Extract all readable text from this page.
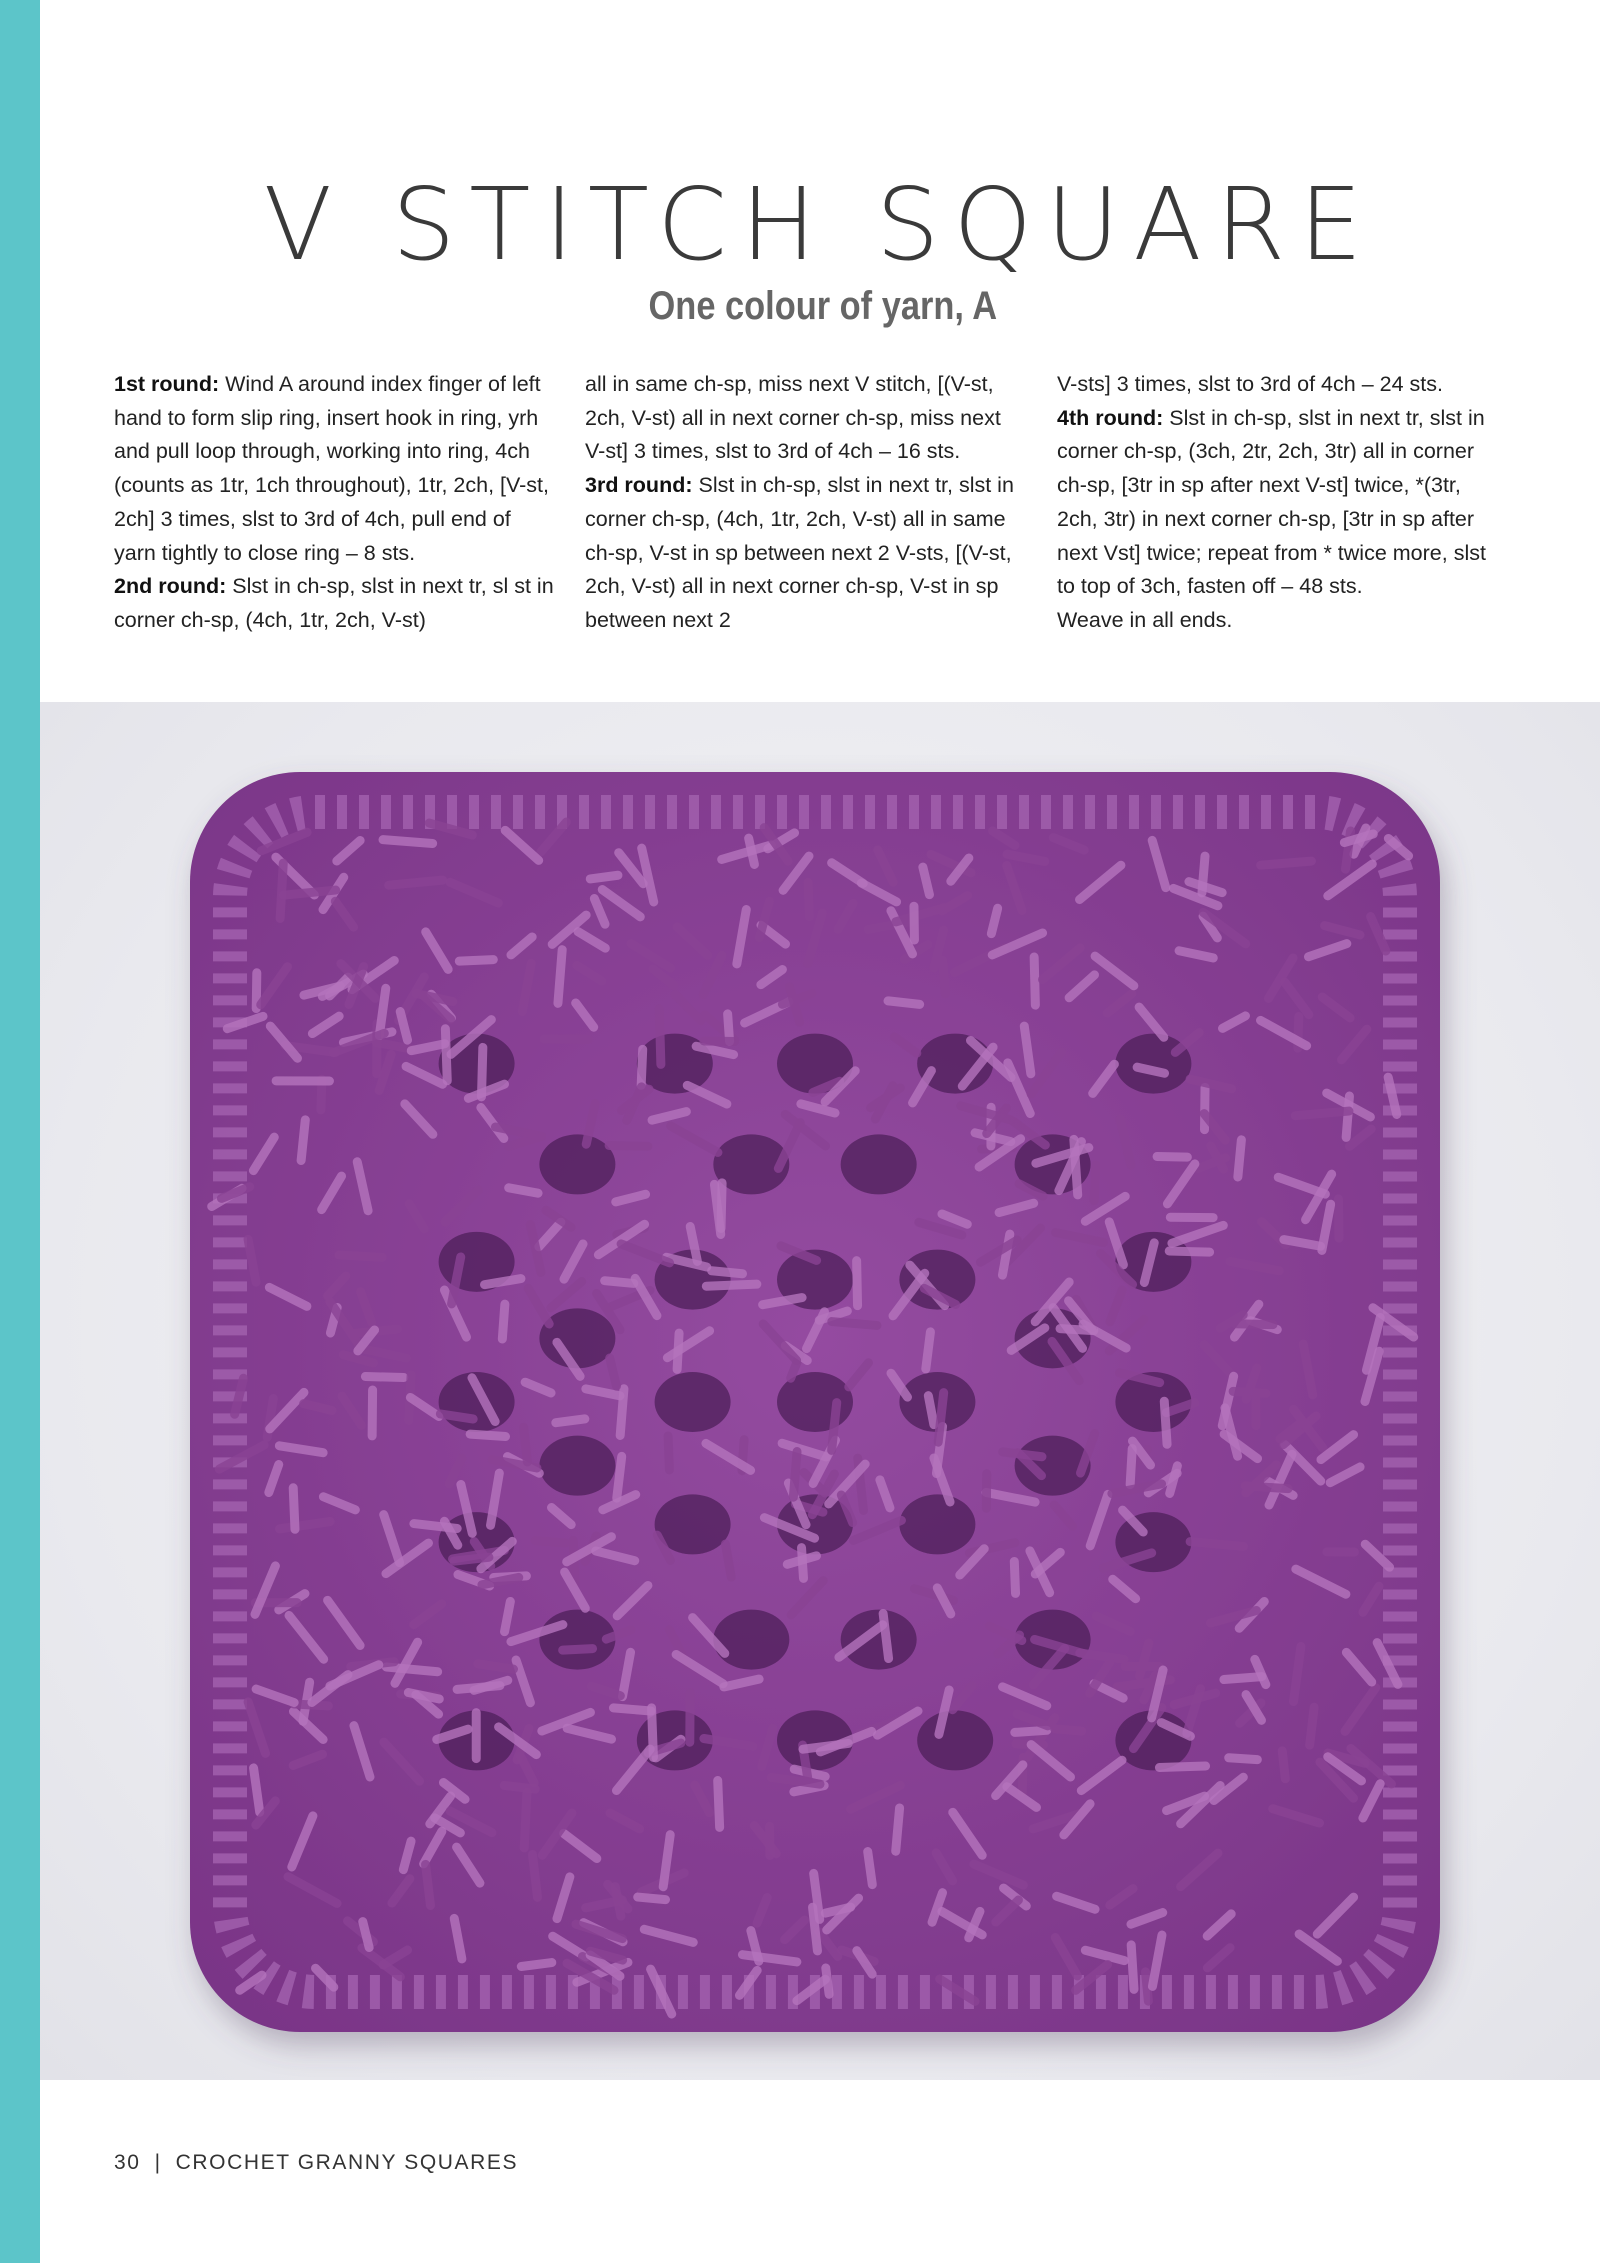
V STITCH SQUARE
One colour of yarn, A

1st round: Wind A around index finger of left hand to form slip ring, insert hook in ring, yrh and pull loop through, working into ring, 4ch (counts as 1tr, 1ch throughout), 1tr, 2ch, [V-st, 2ch] 3 times, slst to 3rd of 4ch, pull end of yarn tightly to close ring – 8 sts.

2nd round: Slst in ch-sp, slst in next tr, sl st in corner ch-sp, (4ch, 1tr, 2ch, V-st)

all in same ch-sp, miss next V stitch, [(V-st, 2ch, V-st) all in next corner ch-sp, miss next V-st] 3 times, slst to 3rd of 4ch – 16 sts.

3rd round: Slst in ch-sp, slst in next tr, slst in corner ch-sp, (4ch, 1tr, 2ch, V-st) all in same ch-sp, V-st in sp between next 2 V-sts, [(V-st, 2ch, V-st) all in next corner ch-sp, V-st in sp between next 2

V-sts] 3 times, slst to 3rd of 4ch – 24 sts.

4th round: Slst in ch-sp, slst in next tr, slst in corner ch-sp, (3ch, 2tr, 2ch, 3tr) all in corner ch-sp, [3tr in sp after next V-st] twice, *(3tr, 2ch, 3tr) in next corner ch-sp, [3tr in sp after next Vst] twice; repeat from * twice more, slst to top of 3ch, fasten off – 48 sts.

Weave in all ends.

30 | CROCHET GRANNY SQUARES
